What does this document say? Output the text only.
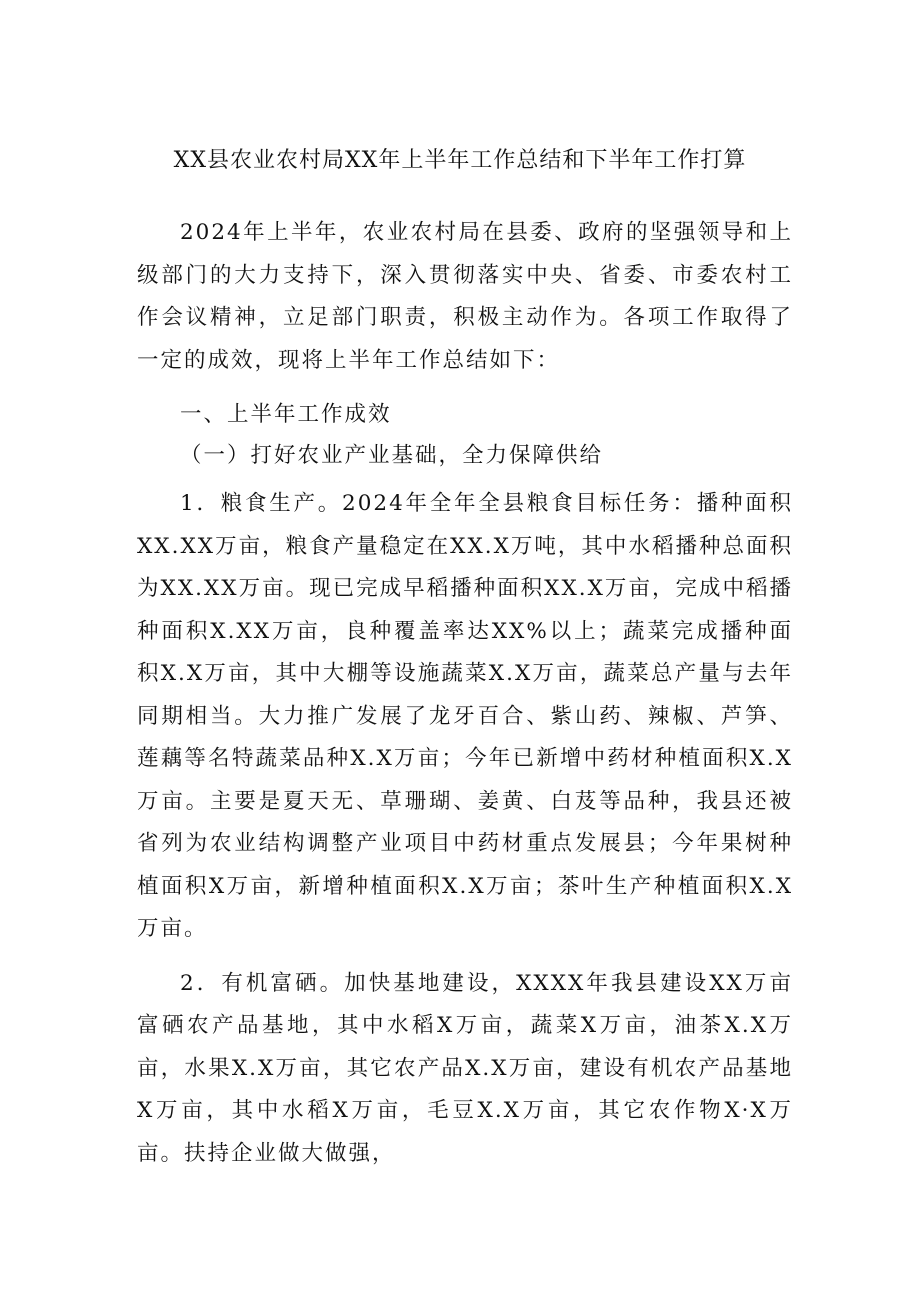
XX县农业农村局XX年上半年工作总结和下半年工作打算

2024年上半年，农业农村局在县委、政府的坚强领导和上级部门的大力支持下，深入贯彻落实中央、省委、市委农村工作会议精神，立足部门职责，积极主动作为。各项工作取得了一定的成效，现将上半年工作总结如下：

一、上半年工作成效

（一）打好农业产业基础，全力保障供给

1．粮食生产。2024年全年全县粮食目标任务：播种面积XX.XX万亩，粮食产量稳定在XX.X万吨，其中水稻播种总面积为XX.XX万亩。现已完成早稻播种面积XX.X万亩，完成中稻播种面积X.XX万亩，良种覆盖率达XX%以上；蔬菜完成播种面积X.X万亩，其中大棚等设施蔬菜X.X万亩，蔬菜总产量与去年同期相当。大力推广发展了龙牙百合、紫山药、辣椒、芦笋、莲藕等名特蔬菜品种X.X万亩；今年已新增中药材种植面积X.X万亩。主要是夏天无、草珊瑚、姜黄、白芨等品种，我县还被省列为农业结构调整产业项目中药材重点发展县；今年果树种植面积X万亩，新增种植面积X.X万亩；茶叶生产种植面积X.X万亩。

2．有机富硒。加快基地建设，XXXX年我县建设XX万亩富硒农产品基地，其中水稻X万亩，蔬菜X万亩，油茶X.X万亩，水果X.X万亩，其它农产品X.X万亩，建设有机农产品基地X万亩，其中水稻X万亩，毛豆X.X万亩，其它农作物X·X万亩。扶持企业做大做强，
